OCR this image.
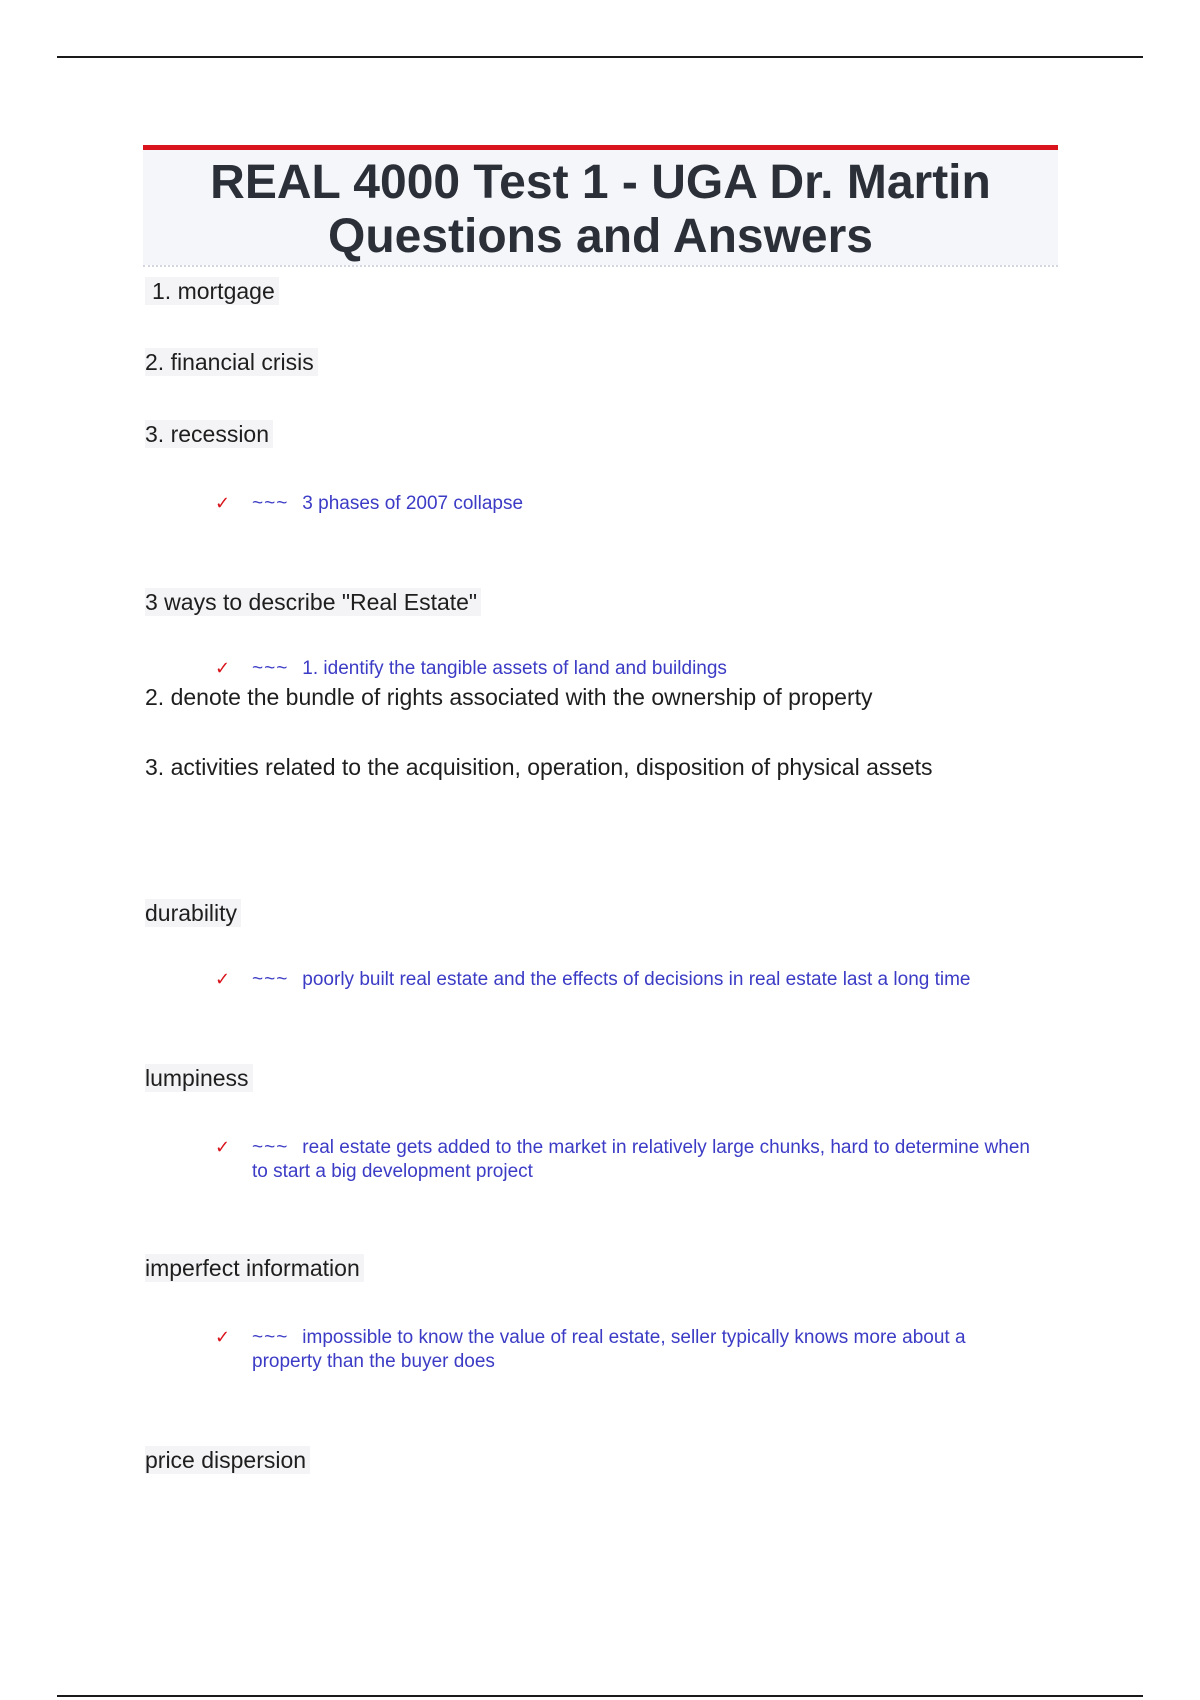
REAL 4000 Test 1 - UGA Dr. Martin
Questions and Answers
1. mortgage
2. financial crisis
3. recession
✓ ~~~ 3 phases of 2007 collapse
3 ways to describe "Real Estate"
✓ ~~~ 1. identify the tangible assets of land and buildings
2. denote the bundle of rights associated with the ownership of property
3. activities related to the acquisition, operation, disposition of physical assets
durability
✓ ~~~ poorly built real estate and the effects of decisions in real estate last a long time
lumpiness
✓ ~~~ real estate gets added to the market in relatively large chunks, hard to determine when to start a big development project
imperfect information
✓ ~~~ impossible to know the value of real estate, seller typically knows more about a property than the buyer does
price dispersion
